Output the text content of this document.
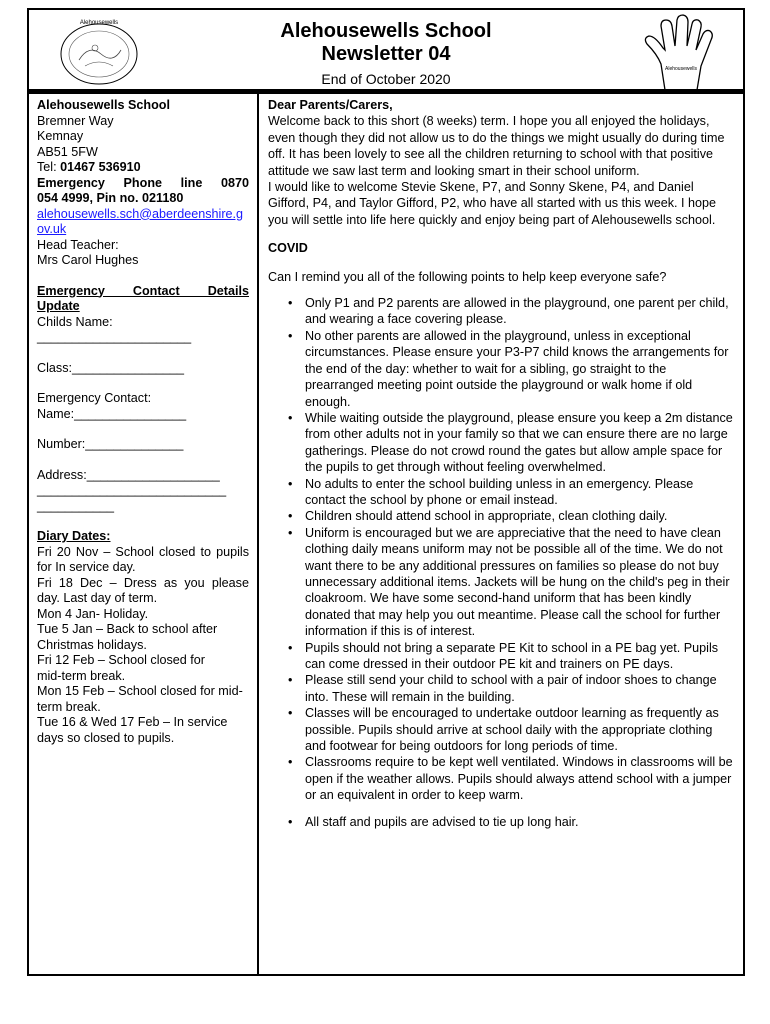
Alehousewells	Alehousewells School
Newsletter 04
End of October 2020
Alehousewells
Alehousewells School
Bremner Way
Kemnay
AB51 5FW
Tel: 01467 536910
Emergency Phone line 0870
054 4999, Pin no. 021180
alehousewells.sch@aberdeenshire.gov.uk
Head Teacher:
Mrs Carol Hughes
Emergency Contact Details
Update
Childs Name:
______________________
Class:________________
Emergency Contact:
Name:________________
Number:______________
Address:___________________
___________________________
___________
Diary Dates:
Fri 20 Nov – School closed to pupils for In service day.
Fri 18 Dec – Dress as you please day. Last day of term.
Mon 4 Jan- Holiday.
Tue 5 Jan – Back to school after Christmas holidays.
Fri 12 Feb – School closed for mid-term break.
Mon 15 Feb – School closed for mid-term break.
Tue 16 & Wed 17 Feb – In service days so closed to pupils.
Dear Parents/Carers,
Welcome back to this short (8 weeks) term. I hope you all enjoyed the holidays, even though they did not allow us to do the things we might usually do during time off. It has been lovely to see all the children returning to school with that positive attitude we saw last term and looking smart in their school uniform.
I would like to welcome Stevie Skene, P7, and Sonny Skene, P4, and Daniel Gifford, P4, and Taylor Gifford, P2, who have all started with us this week. I hope you will settle into life here quickly and enjoy being part of Alehousewells school.
COVID
Can I remind you all of the following points to help keep everyone safe?
• Only P1 and P2 parents are allowed in the playground, one parent per child, and wearing a face covering please.
• No other parents are allowed in the playground, unless in exceptional circumstances. Please ensure your P3-P7 child knows the arrangements for the end of the day: whether to wait for a sibling, go straight to the prearranged meeting point outside the playground or walk home if old enough.
• While waiting outside the playground, please ensure you keep a 2m distance from other adults not in your family so that we can ensure there are no large gatherings. Please do not crowd round the gates but allow ample space for the pupils to get through without feeling overwhelmed.
• No adults to enter the school building unless in an emergency. Please contact the school by phone or email instead.
• Children should attend school in appropriate, clean clothing daily.
• Uniform is encouraged but we are appreciative that the need to have clean clothing daily means uniform may not be possible all of the time. We do not want there to be any additional pressures on families so please do not buy unnecessary additional items. Jackets will be hung on the child's peg in their cloakroom. We have some second-hand uniform that has been kindly donated that may help you out meantime. Please call the school for further information if this is of interest.
• Pupils should not bring a separate PE Kit to school in a PE bag yet. Pupils can come dressed in their outdoor PE kit and trainers on PE days.
• Please still send your child to school with a pair of indoor shoes to change into. These will remain in the building.
• Classes will be encouraged to undertake outdoor learning as frequently as possible. Pupils should arrive at school daily with the appropriate clothing and footwear for being outdoors for long periods of time.
• Classrooms require to be kept well ventilated. Windows in classrooms will be open if the weather allows. Pupils should always attend school with a jumper or an equivalent in order to keep warm.
• All staff and pupils are advised to tie up long hair.
